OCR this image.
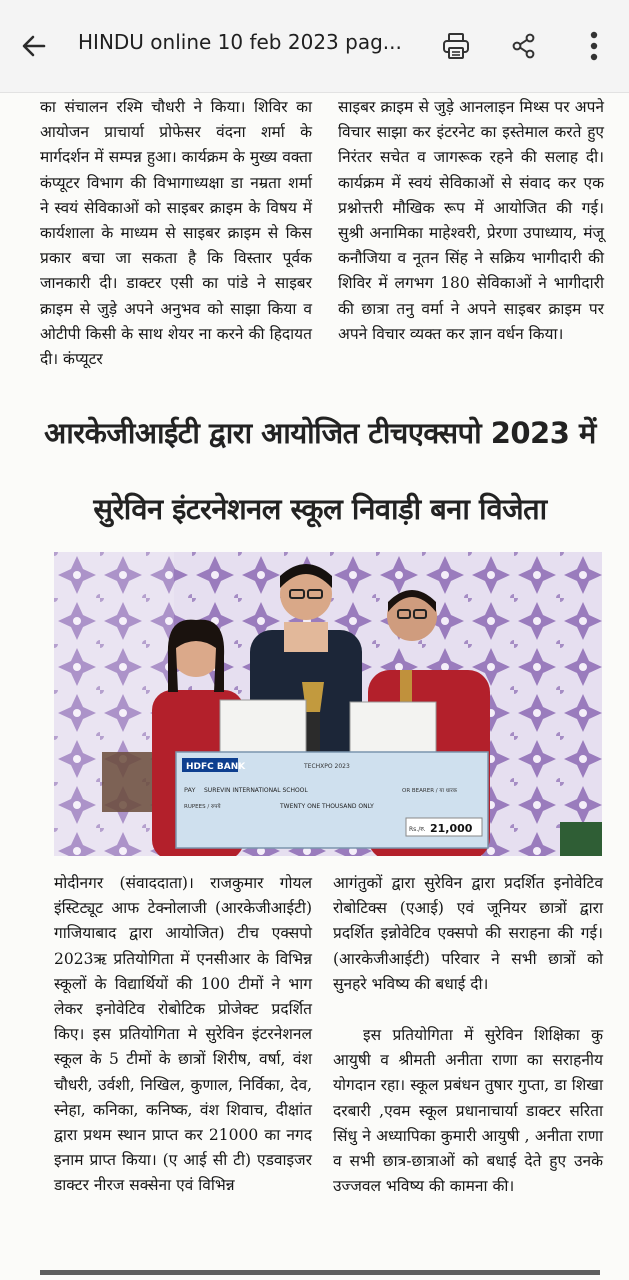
HINDU online 10 feb 2023 pag...

का संचालन रश्मि चौधरी ने किया। शिविर का आयोजन प्राचार्या प्रोफेसर वंदना शर्मा के मार्गदर्शन में सम्पन्न हुआ। कार्यक्रम के मुख्य वक्ता कंप्यूटर विभाग की विभागाध्यक्षा डा नम्रता शर्मा ने स्वयं सेविकाओं को साइबर क्राइम के विषय में कार्यशाला के माध्यम से साइबर क्राइम से किस प्रकार बचा जा सकता है कि विस्तार पूर्वक जानकारी दी। डाक्टर एसी का पांडे ने साइबर क्राइम से जुड़े अपने अनुभव को साझा किया व ओटीपी किसी के साथ शेयर ना करने की हिदायत दी। कंप्यूटर

साइबर क्राइम से जुड़े आनलाइन मिथ्स पर अपने विचार साझा कर इंटरनेट का इस्तेमाल करते हुए निरंतर सचेत व जागरूक रहने की सलाह दी। कार्यक्रम में स्वयं सेविकाओं से संवाद कर एक प्रश्नोत्तरी मौखिक रूप में आयोजित की गई। सुश्री अनामिका माहेश्वरी, प्रेरणा उपाध्याय, मंजू कनौजिया व नूतन सिंह ने सक्रिय भागीदारी की शिविर में लगभग 180 सेविकाओं ने भागीदारी की छात्रा तनु वर्मा ने अपने साइबर क्राइम पर अपने विचार व्यक्त कर ज्ञान वर्धन किया।

आरकेजीआईटी द्वारा आयोजित टीचएक्सपो 2023 में
सुरेविन इंटरनेशनल स्कूल निवाड़ी बना विजेता
HDFC BANK	TECHXPO 2023
PAY SUREVIN INTERNATIONAL SCHOOL	OR BEARER / या धारक
RUPEES / रुपये	TWENTY ONE THOUSAND ONLY
Rs./रु. 21,000

मोदीनगर (संवाददाता)। राजकुमार गोयल इंस्टिट्यूट आफ टेक्नोलाजी (आरकेजीआईटी) गाजियाबाद द्वारा आयोजित) टीच एक्सपो 2023ऋ प्रतियोगिता में एनसीआर के विभिन्न स्कूलों के विद्यार्थियों की 100 टीमों ने भाग लेकर इनोवेटिव रोबोटिक प्रोजेक्ट प्रदर्शित किए। इस प्रतियोगिता मे सुरेविन इंटरनेशनल स्कूल के 5 टीमों के छात्रों शिरीष, वर्षा, वंश चौधरी, उर्वशी, निखिल, कुणाल, निर्विका, देव, स्नेहा, कनिका, कनिष्क, वंश शिवाच, दीक्षांत द्वारा प्रथम स्थान प्राप्त कर 21000 का नगद इनाम प्राप्त किया। (ए आई सी टी) एडवाइजर डाक्टर नीरज सक्सेना एवं विभिन्न

आगंतुकों द्वारा सुरेविन द्वारा प्रदर्शित इनोवेटिव रोबोटिक्स (एआई) एवं जूनियर छात्रों द्वारा प्रदर्शित इन्नोवेटिव एक्सपो की सराहना की गई। (आरकेजीआईटी) परिवार ने सभी छात्रों को सुनहरे भविष्य की बधाई दी।

इस प्रतियोगिता में सुरेविन शिक्षिका कु आयुषी व श्रीमती अनीता राणा का सराहनीय योगदान रहा। स्कूल प्रबंधन तुषार गुप्ता, डा शिखा दरबारी ,एवम स्कूल प्रधानाचार्या डाक्टर सरिता सिंधु ने अध्यापिका कुमारी आयुषी , अनीता राणा व सभी छात्र-छात्राओं को बधाई देते हुए उनके उज्जवल भविष्य की कामना की।
